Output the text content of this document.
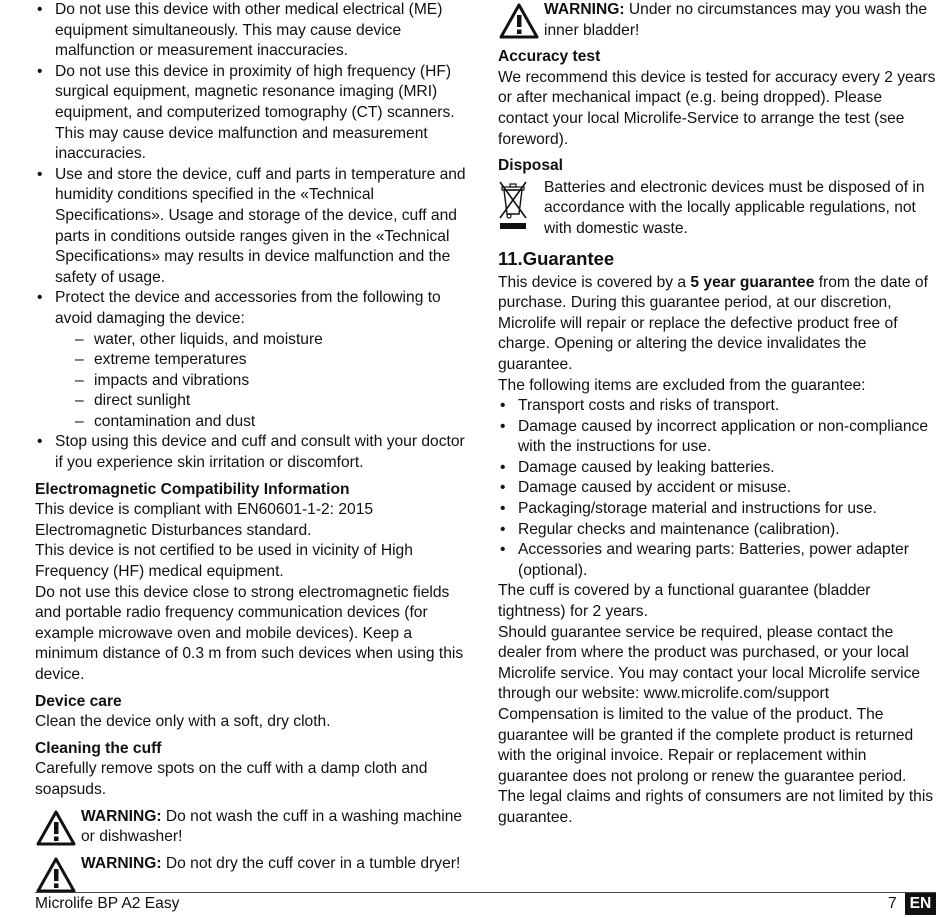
• Do not use this device with other medical electrical (ME) equipment simultaneously. This may cause device malfunction or measurement inaccuracies.
• Do not use this device in proximity of high frequency (HF) surgical equipment, magnetic resonance imaging (MRI) equipment, and computerized tomography (CT) scanners. This may cause device malfunction and measurement inaccuracies.
• Use and store the device, cuff and parts in temperature and humidity conditions specified in the «Technical Specifications». Usage and storage of the device, cuff and parts in conditions outside ranges given in the «Technical Specifications» may results in device malfunction and the safety of usage.
• Protect the device and accessories from the following to avoid damaging the device:
– water, other liquids, and moisture
– extreme temperatures
– impacts and vibrations
– direct sunlight
– contamination and dust
• Stop using this device and cuff and consult with your doctor if you experience skin irritation or discomfort.
Electromagnetic Compatibility Information

This device is compliant with EN60601-1-2: 2015 Electromagnetic Disturbances standard.

This device is not certified to be used in vicinity of High Frequency (HF) medical equipment.

Do not use this device close to strong electromagnetic fields and portable radio frequency communication devices (for example microwave oven and mobile devices). Keep a minimum distance of 0.3 m from such devices when using this device.

Device care

Clean the device only with a soft, dry cloth.

Cleaning the cuff

Carefully remove spots on the cuff with a damp cloth and soapsuds.

WARNING: Do not wash the cuff in a washing machine or dishwasher!

WARNING: Do not dry the cuff cover in a tumble dryer!

WARNING: Under no circumstances may you wash the inner bladder!

Accuracy test

We recommend this device is tested for accuracy every 2 years or after mechanical impact (e.g. being dropped). Please contact your local Microlife-Service to arrange the test (see foreword).

Disposal

Batteries and electronic devices must be disposed of in accordance with the locally applicable regulations, not with domestic waste.

11.Guarantee

This device is covered by a 5 year guarantee from the date of purchase. During this guarantee period, at our discretion, Microlife will repair or replace the defective product free of charge. Opening or altering the device invalidates the guarantee.

The following items are excluded from the guarantee:

• Transport costs and risks of transport.
• Damage caused by incorrect application or non-compliance with the instructions for use.
• Damage caused by leaking batteries.
• Damage caused by accident or misuse.
• Packaging/storage material and instructions for use.
• Regular checks and maintenance (calibration).
• Accessories and wearing parts: Batteries, power adapter (optional).

The cuff is covered by a functional guarantee (bladder tightness) for 2 years.

Should guarantee service be required, please contact the dealer from where the product was purchased, or your local Microlife service. You may contact your local Microlife service through our website: www.microlife.com/support

Compensation is limited to the value of the product. The guarantee will be granted if the complete product is returned with the original invoice. Repair or replacement within guarantee does not prolong or renew the guarantee period. The legal claims and rights of consumers are not limited by this guarantee.

Microlife BP A2 Easy	7 EN
